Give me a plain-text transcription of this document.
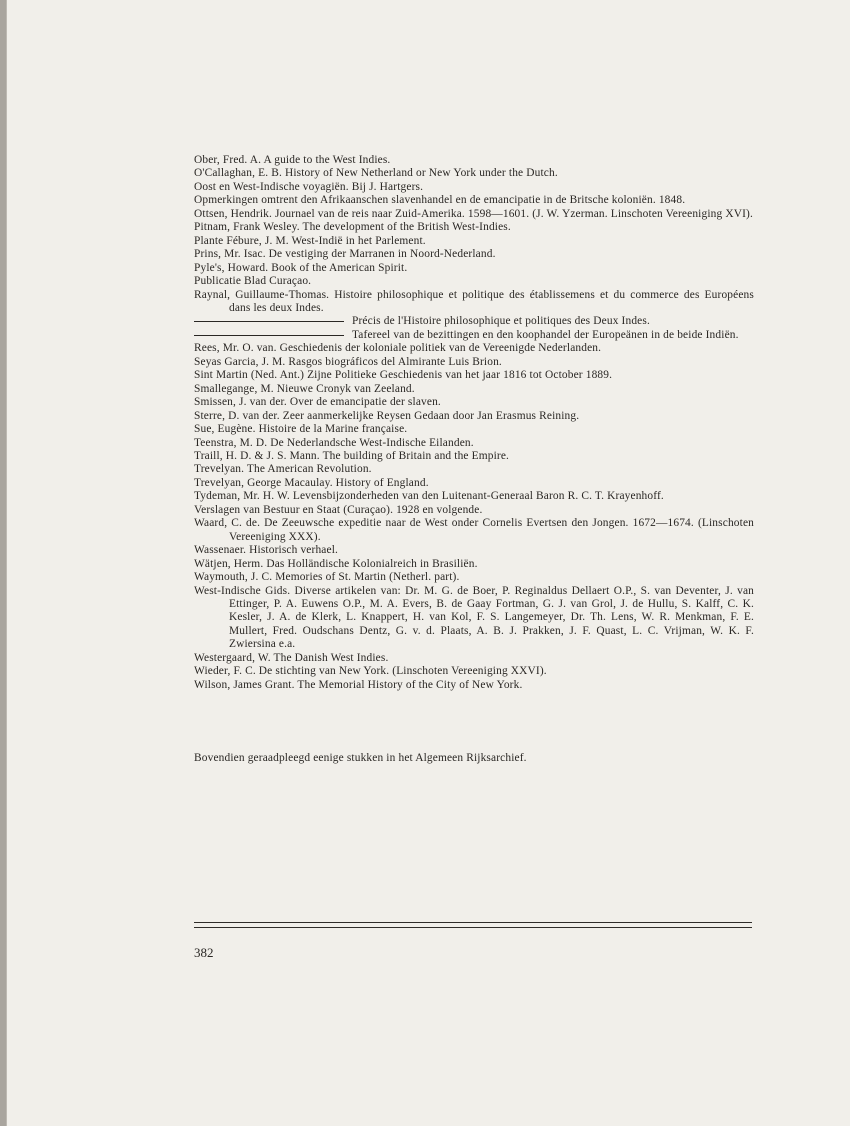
Ober, Fred. A. A guide to the West Indies.

O'Callaghan, E. B. History of New Netherland or New York under the Dutch.

Oost en West-Indische voyagiën. Bij J. Hartgers.

Opmerkingen omtrent den Afrikaanschen slavenhandel en de emancipatie in de Britsche koloniën. 1848.

Ottsen, Hendrik. Journael van de reis naar Zuid-Amerika. 1598—1601. (J. W. Yzerman. Linschoten Vereeniging XVI).

Pitnam, Frank Wesley. The development of the British West-Indies.

Plante Fébure, J. M. West-Indië in het Parlement.

Prins, Mr. Isac. De vestiging der Marranen in Noord-Nederland.

Pyle's, Howard. Book of the American Spirit.

Publicatie Blad Curaçao.

Raynal, Guillaume-Thomas. Histoire philosophique et politique des établissemens et du commerce des Européens dans les deux Indes.

Précis de l'Histoire philosophique et politiques des Deux Indes.

Tafereel van de bezittingen en den koophandel der Europeänen in de beide Indiën.

Rees, Mr. O. van. Geschiedenis der koloniale politiek van de Vereenigde Nederlanden.

Seyas Garcia, J. M. Rasgos biográficos del Almirante Luis Brion.

Sint Martin (Ned. Ant.) Zijne Politieke Geschiedenis van het jaar 1816 tot October 1889.

Smallegange, M. Nieuwe Cronyk van Zeeland.

Smissen, J. van der. Over de emancipatie der slaven.

Sterre, D. van der. Zeer aanmerkelijke Reysen Gedaan door Jan Erasmus Reining.

Sue, Eugène. Histoire de la Marine française.

Teenstra, M. D. De Nederlandsche West-Indische Eilanden.

Traill, H. D. & J. S. Mann. The building of Britain and the Empire.

Trevelyan. The American Revolution.

Trevelyan, George Macaulay. History of England.

Tydeman, Mr. H. W. Levensbijzonderheden van den Luitenant-Generaal Baron R. C. T. Krayenhoff.

Verslagen van Bestuur en Staat (Curaçao). 1928 en volgende.

Waard, C. de. De Zeeuwsche expeditie naar de West onder Cornelis Evertsen den Jongen. 1672—1674. (Linschoten Vereeniging XXX).

Wassenaer. Historisch verhael.

Wätjen, Herm. Das Holländische Kolonialreich in Brasiliën.

Waymouth, J. C. Memories of St. Martin (Netherl. part).

West-Indische Gids. Diverse artikelen van: Dr. M. G. de Boer, P. Reginaldus Dellaert O.P., S. van Deventer, J. van Ettinger, P. A. Euwens O.P., M. A. Evers, B. de Gaay Fortman, G. J. van Grol, J. de Hullu, S. Kalff, C. K. Kesler, J. A. de Klerk, L. Knappert, H. van Kol, F. S. Langemeyer, Dr. Th. Lens, W. R. Menkman, F. E. Mullert, Fred. Oudschans Dentz, G. v. d. Plaats, A. B. J. Prakken, J. F. Quast, L. C. Vrijman, W. K. F. Zwiersina e.a.

Westergaard, W. The Danish West Indies.

Wieder, F. C. De stichting van New York. (Linschoten Vereeniging XXVI).

Wilson, James Grant. The Memorial History of the City of New York.

Bovendien geraadpleegd eenige stukken in het Algemeen Rijksarchief.
382
